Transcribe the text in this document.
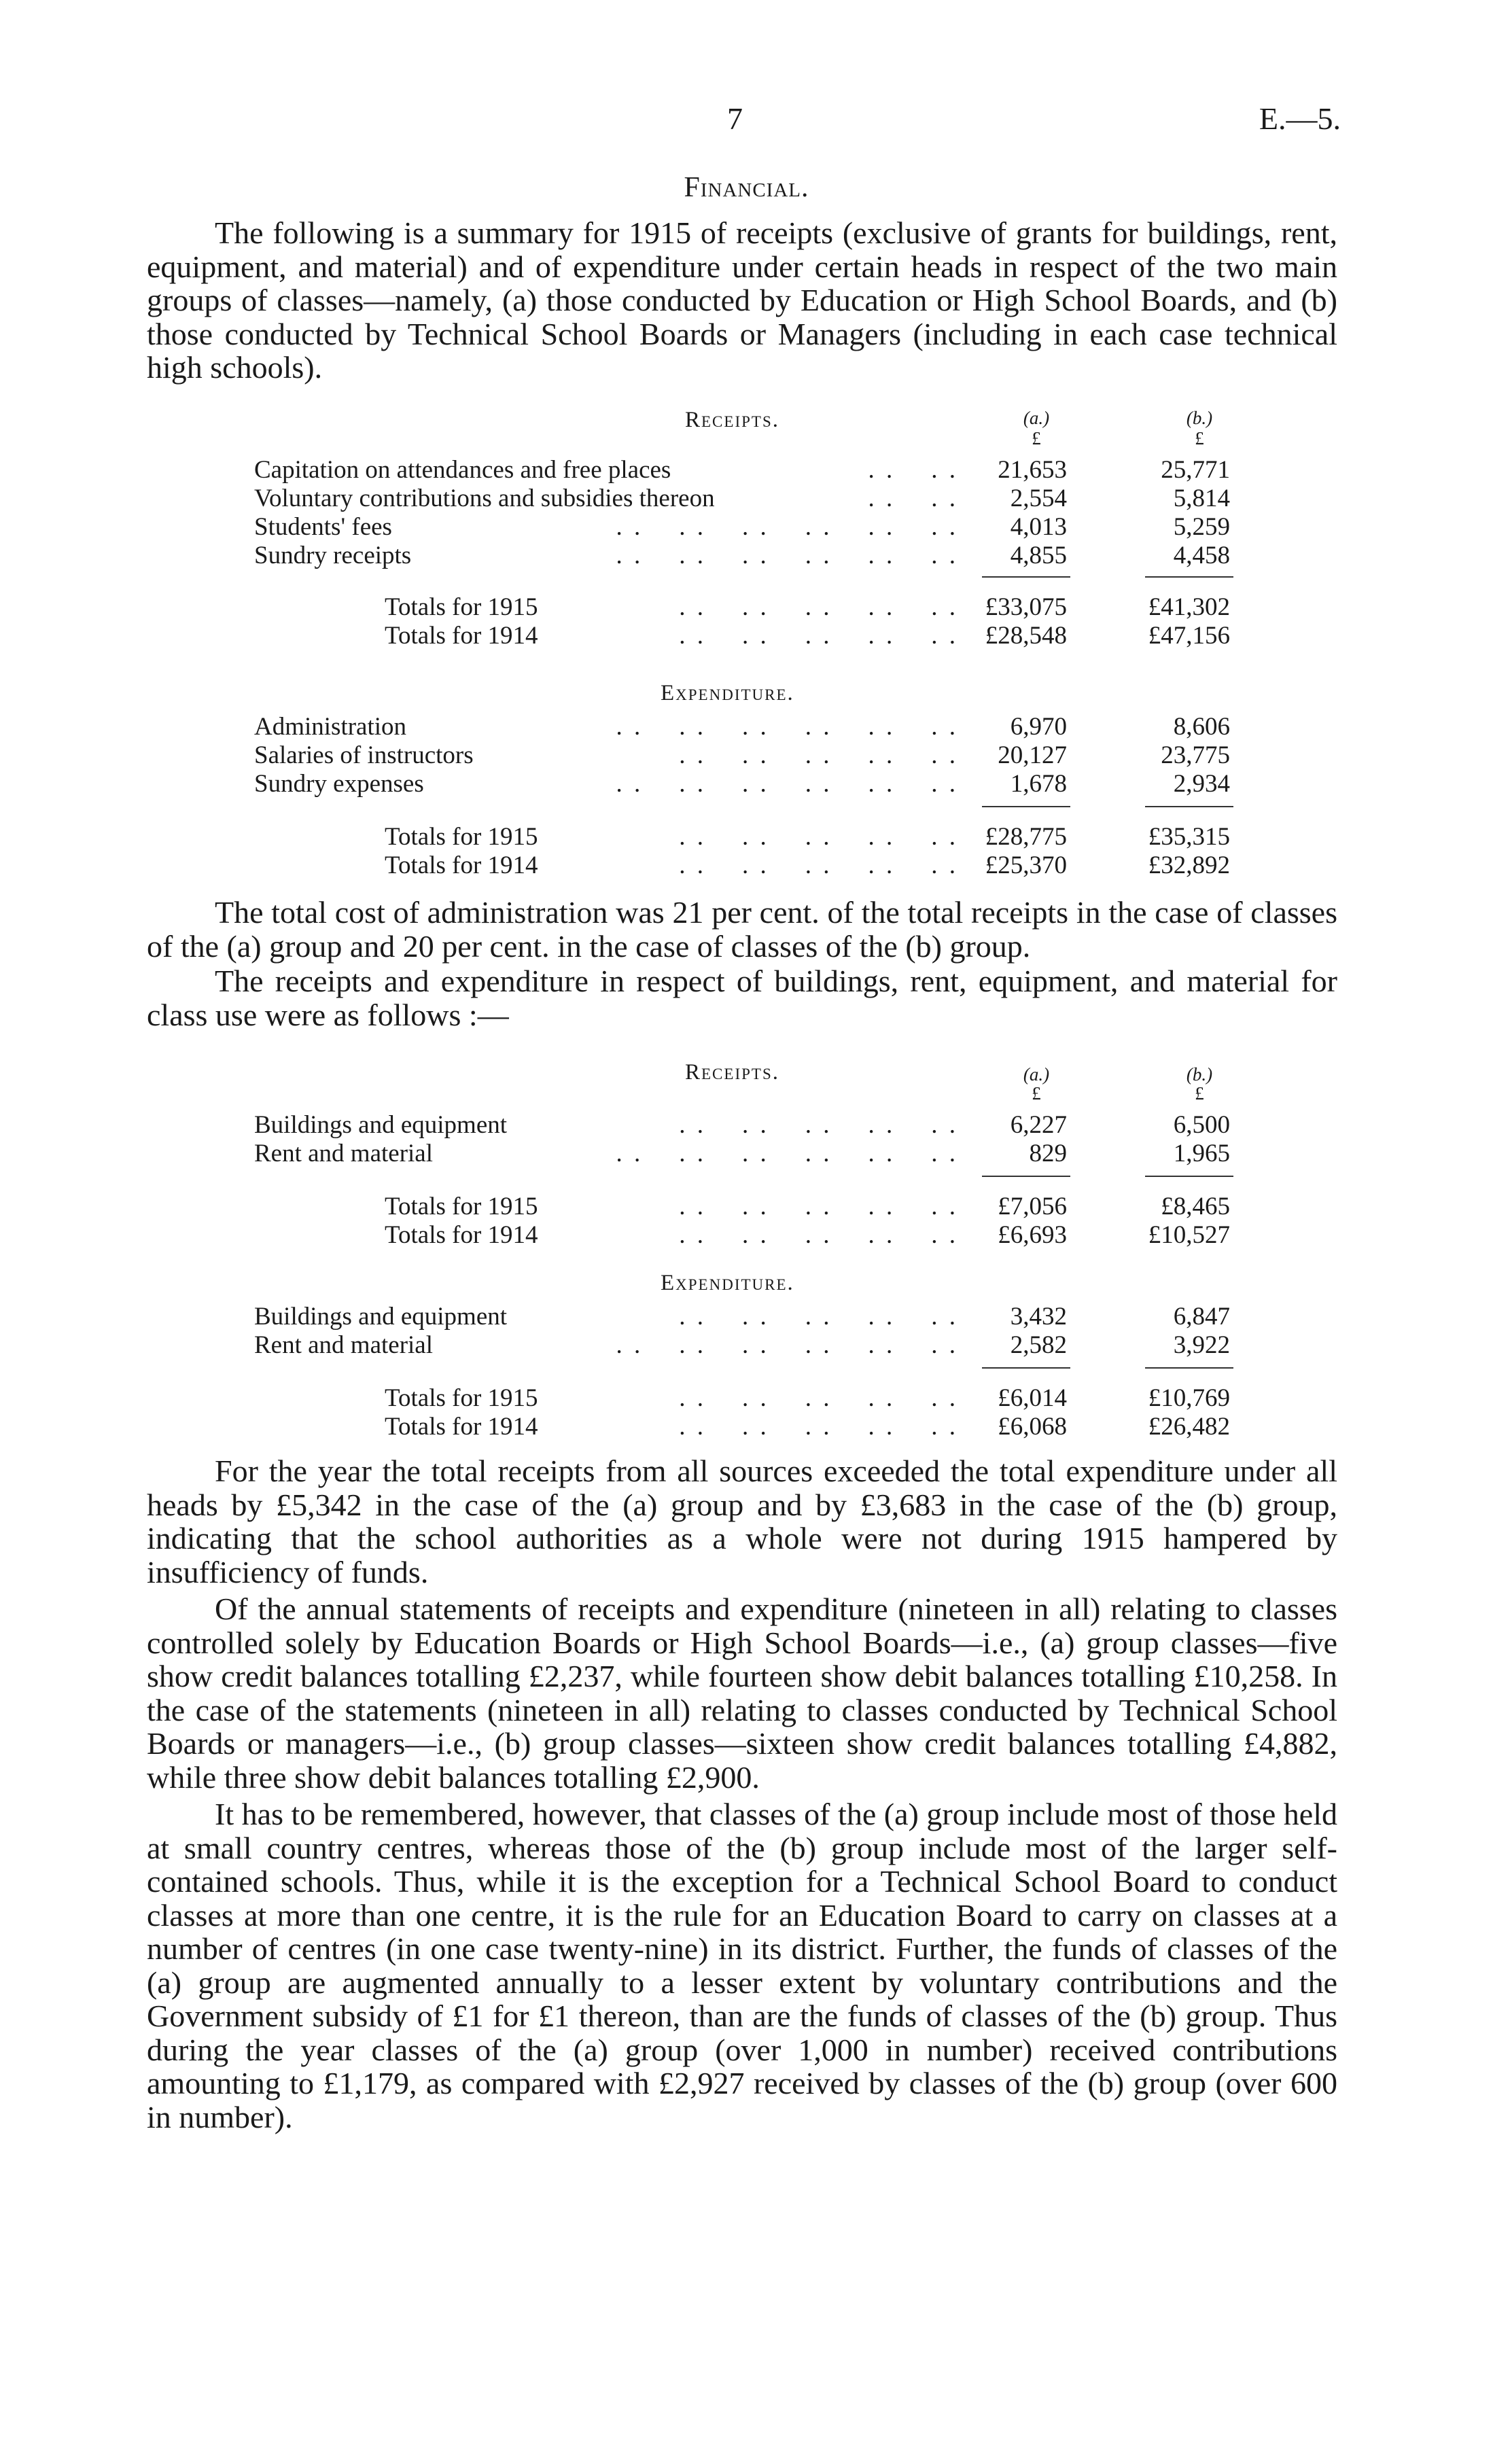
7	E.—5.
Financial.

The following is a summary for 1915 of receipts (exclusive of grants for buildings, rent, equipment, and material) and of expenditure under certain heads in respect of the two main groups of classes—namely, (a) those conducted by Education or High School Boards, and (b) those conducted by Technical School Boards or Managers (including in each case technical high schools).

Receipts.	(a.)	(b.)
£	£
Capitation on attendances and free places	. .    . .	21,653	25,771
Voluntary contributions and subsidies thereon	. .    . .	2,554	5,814
Students' fees	. .    . .    . .    . .    . .    . .	4,013	5,259
Sundry receipts	. .    . .    . .    . .    . .    . .	4,855	4,458
Totals for 1915	. .    . .    . .    . .    . .	£33,075	£41,302
Totals for 1914	. .    . .    . .    . .    . .	£28,548	£47,156
Expenditure.
Administration	. .    . .    . .    . .    . .    . .	6,970	8,606
Salaries of instructors	. .    . .    . .    . .    . .	20,127	23,775
Sundry expenses	. .    . .    . .    . .    . .    . .	1,678	2,934
Totals for 1915	. .    . .    . .    . .    . .	£28,775	£35,315
Totals for 1914	. .    . .    . .    . .    . .	£25,370	£32,892

The total cost of administration was 21 per cent. of the total receipts in the case of classes of the (a) group and 20 per cent. in the case of classes of the (b) group.

The receipts and expenditure in respect of buildings, rent, equipment, and material for class use were as follows :—

Receipts.	(a.)	(b.)
£	£
Buildings and equipment	. .    . .    . .    . .    . .	6,227	6,500
Rent and material	. .    . .    . .    . .    . .    . .	829	1,965
Totals for 1915	. .    . .    . .    . .    . .	£7,056	£8,465
Totals for 1914	. .    . .    . .    . .    . .	£6,693	£10,527
Expenditure.
Buildings and equipment	. .    . .    . .    . .    . .	3,432	6,847
Rent and material	. .    . .    . .    . .    . .    . .	2,582	3,922
Totals for 1915	. .    . .    . .    . .    . .	£6,014	£10,769
Totals for 1914	. .    . .    . .    . .    . .	£6,068	£26,482

For the year the total receipts from all sources exceeded the total expenditure under all heads by £5,342 in the case of the (a) group and by £3,683 in the case of the (b) group, indicating that the school authorities as a whole were not during 1915 hampered by insufficiency of funds.

Of the annual statements of receipts and expenditure (nineteen in all) relating to classes controlled solely by Education Boards or High School Boards—i.e., (a) group classes—five show credit balances totalling £2,237, while fourteen show debit balances totalling £10,258. In the case of the statements (nineteen in all) relating to classes conducted by Technical School Boards or managers—i.e., (b) group classes—sixteen show credit balances totalling £4,882, while three show debit balances totalling £2,900.

It has to be remembered, however, that classes of the (a) group include most of those held at small country centres, whereas those of the (b) group include most of the larger self-contained schools. Thus, while it is the exception for a Technical School Board to conduct classes at more than one centre, it is the rule for an Education Board to carry on classes at a number of centres (in one case twenty-nine) in its district. Further, the funds of classes of the (a) group are augmented annually to a lesser extent by voluntary contributions and the Government subsidy of £1 for £1 thereon, than are the funds of classes of the (b) group. Thus during the year classes of the (a) group (over 1,000 in number) received contributions amounting to £1,179, as compared with £2,927 received by classes of the (b) group (over 600 in number).
